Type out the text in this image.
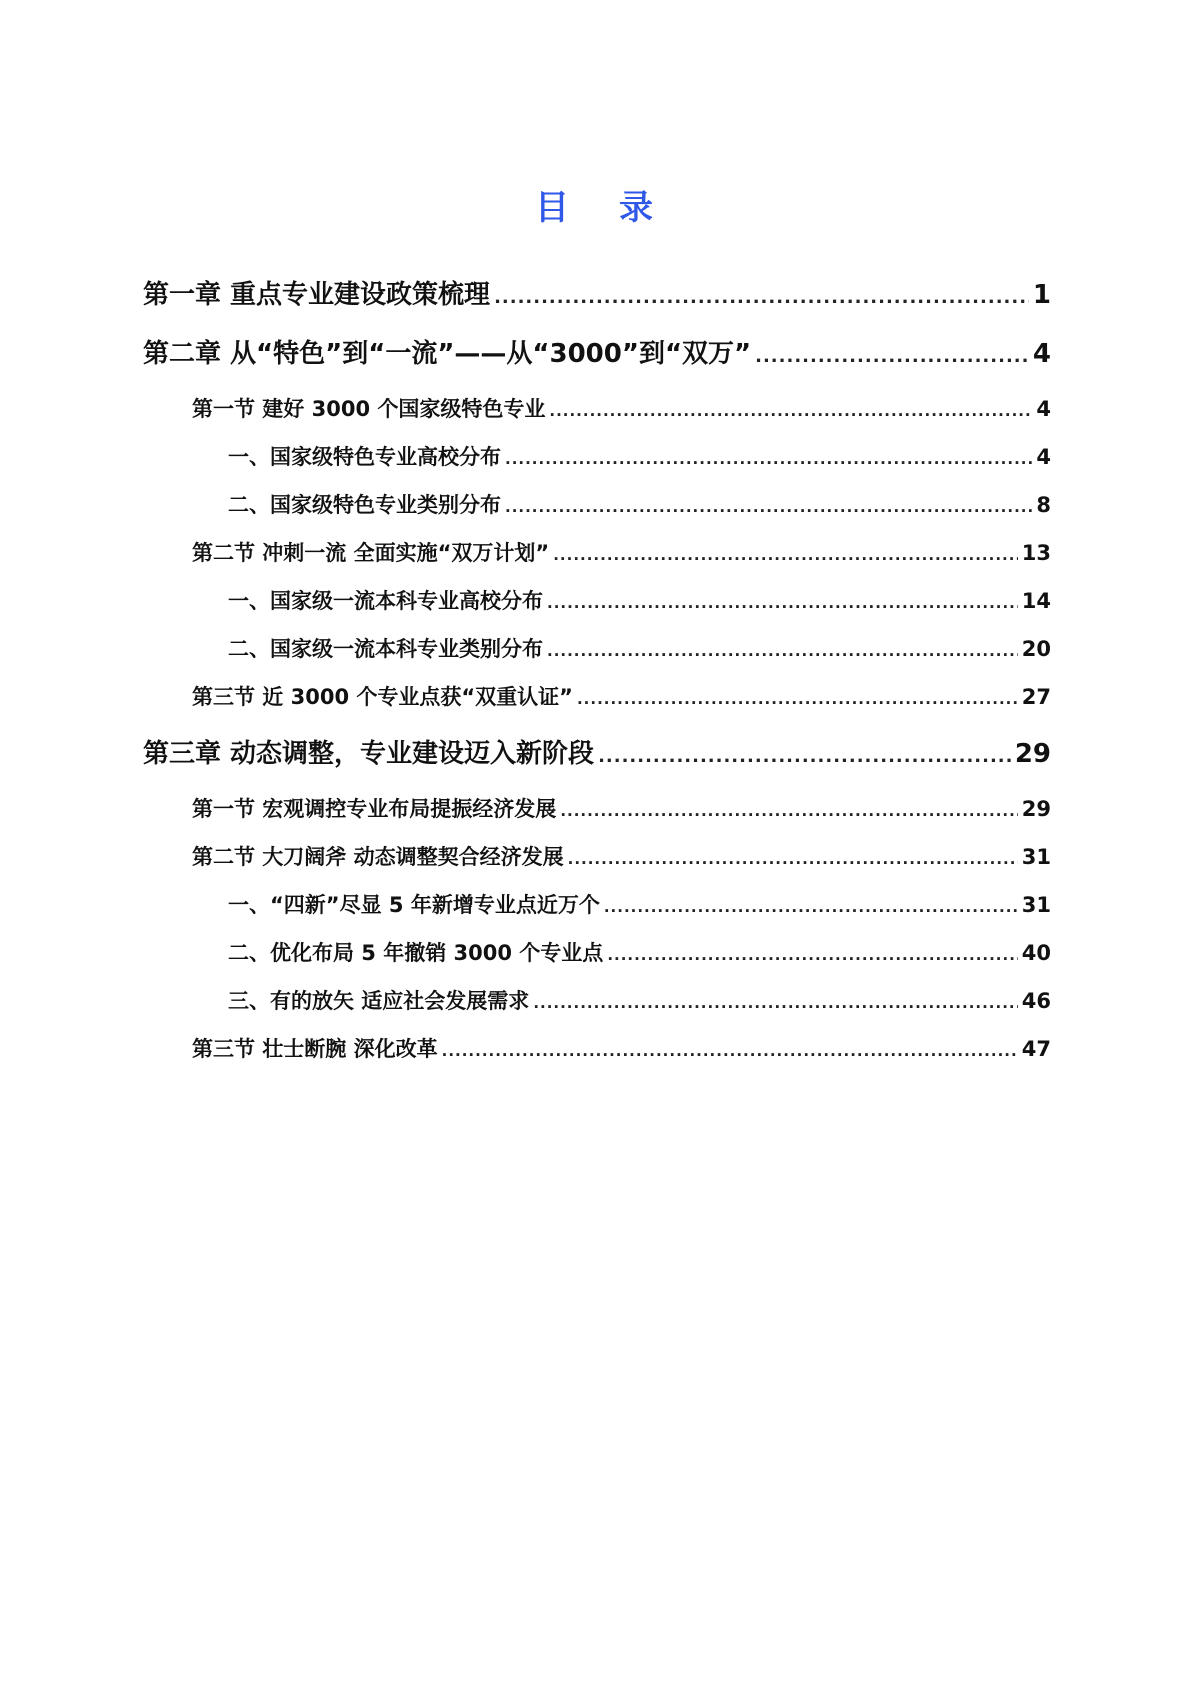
目 录
第一章 重点专业建设政策梳理 .....	1
第二章 从“特色”到“一流”——从“3000”到“双万” .....	4
第一节 建好 3000 个国家级特色专业 .....	4
一、国家级特色专业高校分布 .....	4
二、国家级特色专业类别分布 .....	8
第二节 冲刺一流 全面实施“双万计划” .....	13
一、国家级一流本科专业高校分布 .....	14
二、国家级一流本科专业类别分布 .....	20
第三节 近 3000 个专业点获“双重认证” .....	27
第三章 动态调整，专业建设迈入新阶段 .....	29
第一节 宏观调控专业布局提振经济发展 .....	29
第二节 大刀阔斧 动态调整契合经济发展 .....	31
一、“四新”尽显 5 年新增专业点近万个 .....	31
二、优化布局 5 年撤销 3000 个专业点 .....	40
三、有的放矢 适应社会发展需求 .....	46
第三节 壮士断腕 深化改革 .....	47
